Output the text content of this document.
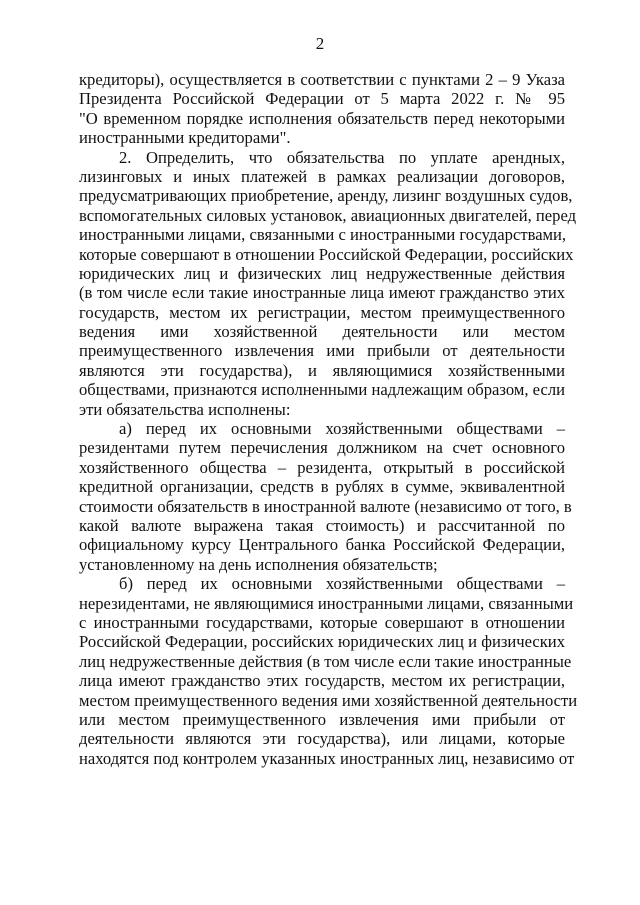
2
кредиторы), осуществляется в соответствии с пунктами 2 – 9 Указа
Президента Российской Федерации от 5 марта 2022 г. № 95
"О временном порядке исполнения обязательств перед некоторыми
иностранными кредиторами".
2. Определить, что обязательства по уплате арендных,
лизинговых и иных платежей в рамках реализации договоров,
предусматривающих приобретение, аренду, лизинг воздушных судов,
вспомогательных силовых установок, авиационных двигателей, перед
иностранными лицами, связанными с иностранными государствами,
которые совершают в отношении Российской Федерации, российских
юридических лиц и физических лиц недружественные действия
(в том числе если такие иностранные лица имеют гражданство этих
государств, местом их регистрации, местом преимущественного
ведения ими хозяйственной деятельности или местом
преимущественного извлечения ими прибыли от деятельности
являются эти государства), и являющимися хозяйственными
обществами, признаются исполненными надлежащим образом, если
эти обязательства исполнены:
а) перед их основными хозяйственными обществами –
резидентами путем перечисления должником на счет основного
хозяйственного общества – резидента, открытый в российской
кредитной организации, средств в рублях в сумме, эквивалентной
стоимости обязательств в иностранной валюте (независимо от того, в
какой валюте выражена такая стоимость) и рассчитанной по
официальному курсу Центрального банка Российской Федерации,
установленному на день исполнения обязательств;
б) перед их основными хозяйственными обществами –
нерезидентами, не являющимися иностранными лицами, связанными
с иностранными государствами, которые совершают в отношении
Российской Федерации, российских юридических лиц и физических
лиц недружественные действия (в том числе если такие иностранные
лица имеют гражданство этих государств, местом их регистрации,
местом преимущественного ведения ими хозяйственной деятельности
или местом преимущественного извлечения ими прибыли от
деятельности являются эти государства), или лицами, которые
находятся под контролем указанных иностранных лиц, независимо от
